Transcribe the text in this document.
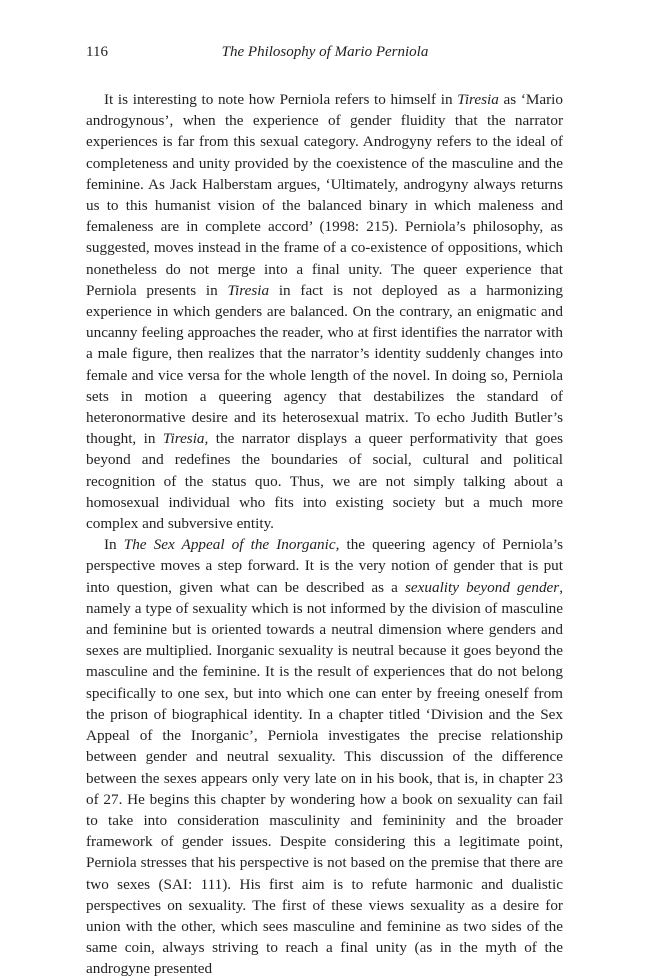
116	The Philosophy of Mario Perniola

It is interesting to note how Perniola refers to himself in Tiresia as ‘Mario androgynous’, when the experience of gender fluidity that the narrator experiences is far from this sexual category. Androgyny refers to the ideal of completeness and unity provided by the coexistence of the masculine and the feminine. As Jack Halberstam argues, ‘Ultimately, androgyny always returns us to this humanist vision of the balanced binary in which maleness and femaleness are in complete accord’ (1998: 215). Perniola’s philosophy, as suggested, moves instead in the frame of a co-existence of oppositions, which nonetheless do not merge into a final unity. The queer experience that Perniola presents in Tiresia in fact is not deployed as a harmonizing experience in which genders are balanced. On the contrary, an enigmatic and uncanny feeling approaches the reader, who at first identifies the narrator with a male figure, then realizes that the narrator’s identity suddenly changes into female and vice versa for the whole length of the novel. In doing so, Perniola sets in motion a queering agency that destabilizes the standard of heteronormative desire and its heterosexual matrix. To echo Judith Butler’s thought, in Tiresia, the narrator displays a queer performativity that goes beyond and redefines the boundaries of social, cultural and political recognition of the status quo. Thus, we are not simply talking about a homosexual individual who fits into existing society but a much more complex and subversive entity.

In The Sex Appeal of the Inorganic, the queering agency of Perniola’s perspective moves a step forward. It is the very notion of gender that is put into question, given what can be described as a sexuality beyond gender, namely a type of sexuality which is not informed by the division of masculine and feminine but is oriented towards a neutral dimension where genders and sexes are multiplied. Inorganic sexuality is neutral because it goes beyond the masculine and the feminine. It is the result of experiences that do not belong specifically to one sex, but into which one can enter by freeing oneself from the prison of biographical identity. In a chapter titled ‘Division and the Sex Appeal of the Inorganic’, Perniola investigates the precise relationship between gender and neutral sexuality. This discussion of the difference between the sexes appears only very late on in his book, that is, in chapter 23 of 27. He begins this chapter by wondering how a book on sexuality can fail to take into consideration masculinity and femininity and the broader framework of gender issues. Despite considering this a legitimate point, Perniola stresses that his perspective is not based on the premise that there are two sexes (SAI: 111). His first aim is to refute harmonic and dualistic perspectives on sexuality. The first of these views sexuality as a desire for union with the other, which sees masculine and feminine as two sides of the same coin, always striving to reach a final unity (as in the myth of the androgyne presented
